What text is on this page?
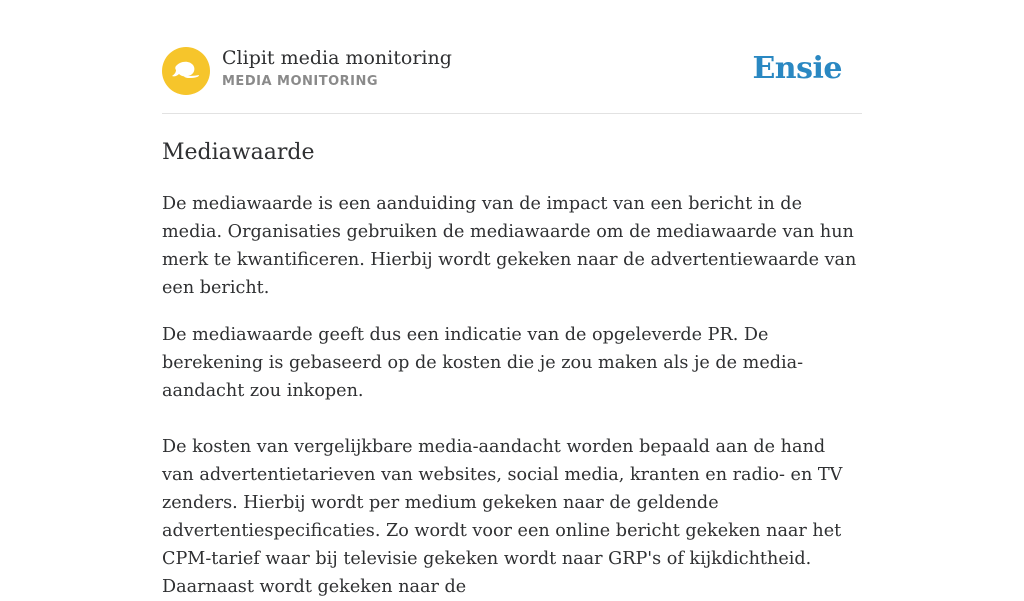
Clipit media monitoring
MEDIA MONITORING	Ensie
Mediawaarde

De mediawaarde is een aanduiding van de impact van een bericht in de media. Organisaties gebruiken de mediawaarde om de mediawaarde van hun merk te kwantificeren. Hierbij wordt gekeken naar de advertentiewaarde van een bericht.

De mediawaarde geeft dus een indicatie van de opgeleverde PR. De berekening is gebaseerd op de kosten die je zou maken als je de media-aandacht zou inkopen.

De kosten van vergelijkbare media-aandacht worden bepaald aan de hand van advertentietarieven van websites, social media, kranten en radio- en TV zenders. Hierbij wordt per medium gekeken naar de geldende advertentiespecificaties. Zo wordt voor een online bericht gekeken naar het CPM-tarief waar bij televisie gekeken wordt naar GRP's of kijkdichtheid. Daarnaast wordt gekeken naar de
